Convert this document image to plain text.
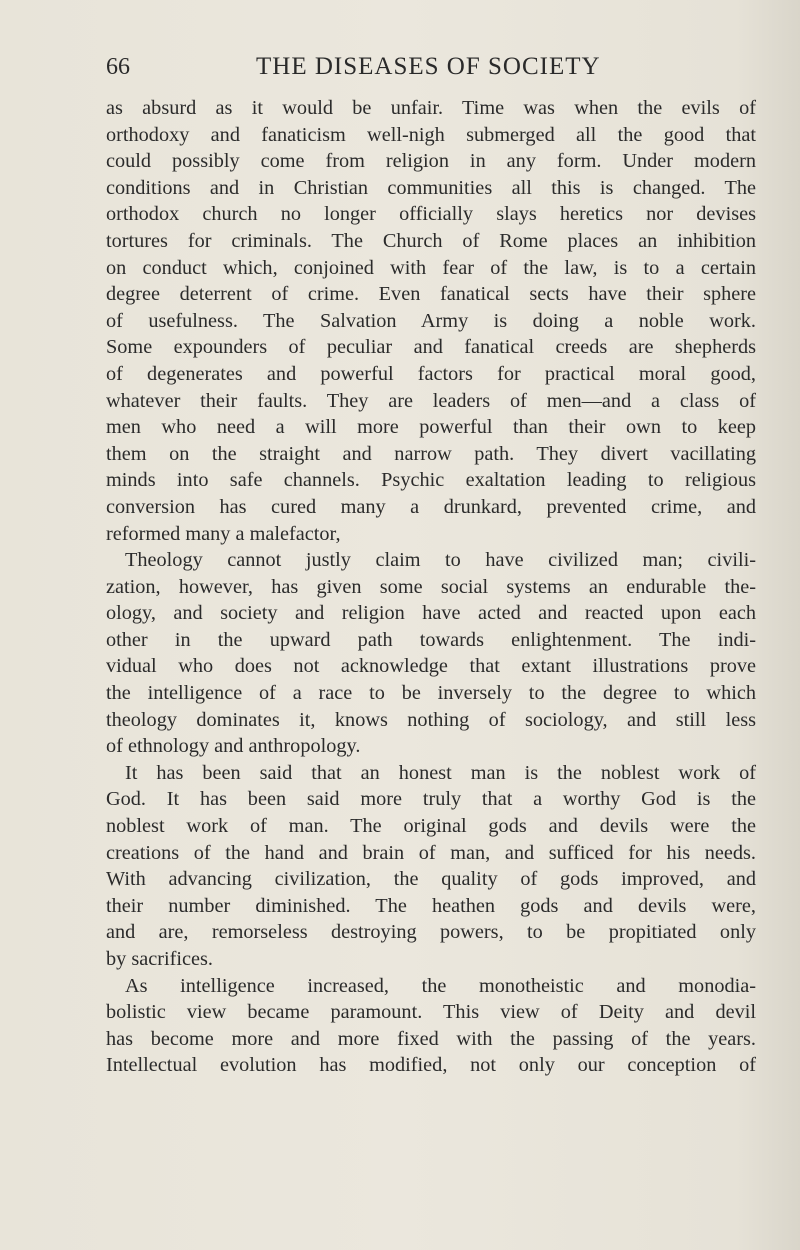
66	THE DISEASES OF SOCIETY
as absurd as it would be unfair. Time was when the evils of
orthodoxy and fanaticism well-nigh submerged all the good that
could possibly come from religion in any form. Under modern
conditions and in Christian communities all this is changed. The
orthodox church no longer officially slays heretics nor devises
tortures for criminals. The Church of Rome places an inhibition
on conduct which, conjoined with fear of the law, is to a certain
degree deterrent of crime. Even fanatical sects have their sphere
of usefulness. The Salvation Army is doing a noble work.
Some expounders of peculiar and fanatical creeds are shepherds
of degenerates and powerful factors for practical moral good,
whatever their faults. They are leaders of men—and a class of
men who need a will more powerful than their own to keep
them on the straight and narrow path. They divert vacillating
minds into safe channels. Psychic exaltation leading to religious
conversion has cured many a drunkard, prevented crime, and
reformed many a malefactor,
Theology cannot justly claim to have civilized man; civili-
zation, however, has given some social systems an endurable the-
ology, and society and religion have acted and reacted upon each
other in the upward path towards enlightenment. The indi-
vidual who does not acknowledge that extant illustrations prove
the intelligence of a race to be inversely to the degree to which
theology dominates it, knows nothing of sociology, and still less
of ethnology and anthropology.
It has been said that an honest man is the noblest work of
God. It has been said more truly that a worthy God is the
noblest work of man. The original gods and devils were the
creations of the hand and brain of man, and sufficed for his needs.
With advancing civilization, the quality of gods improved, and
their number diminished. The heathen gods and devils were,
and are, remorseless destroying powers, to be propitiated only
by sacrifices.
As intelligence increased, the monotheistic and monodia-
bolistic view became paramount. This view of Deity and devil
has become more and more fixed with the passing of the years.
Intellectual evolution has modified, not only our conception of
